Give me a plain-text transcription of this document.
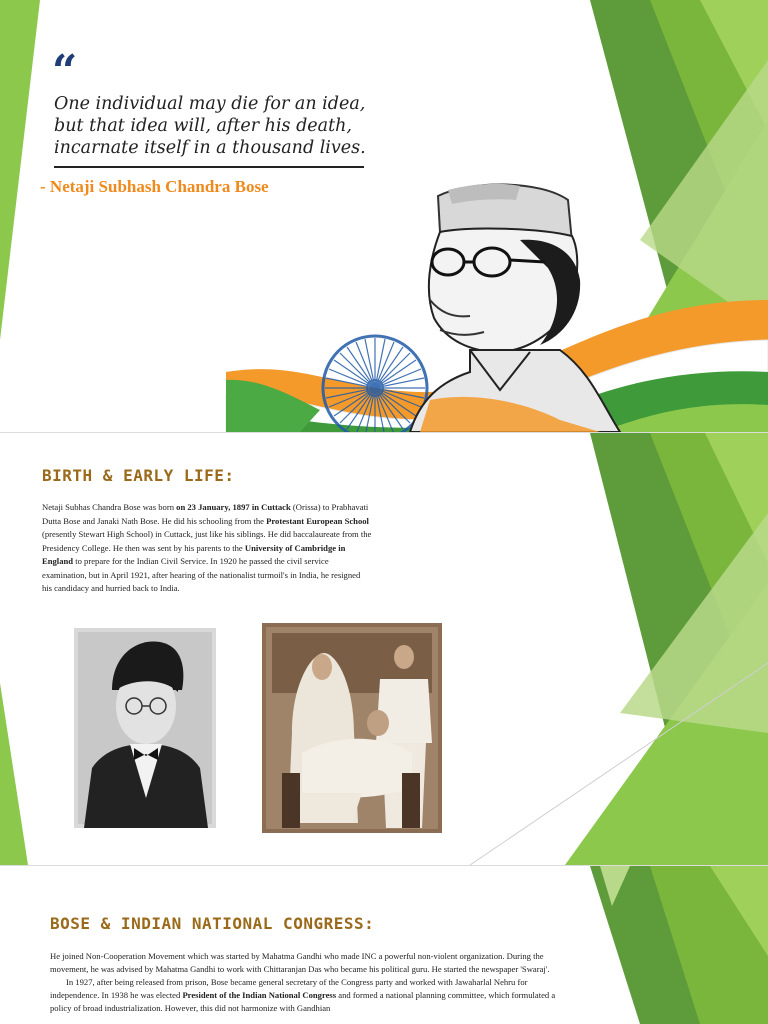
“
One individual may die for an idea,
but that idea will, after his death,
incarnate itself in a thousand lives.
- Netaji Subhash Chandra Bose
BIRTH & EARLY LIFE:
Netaji Subhas Chandra Bose was born on 23 January, 1897 in Cuttack (Orissa) to Prabhavati Dutta Bose and Janaki Nath Bose. He did his schooling from the Protestant European School (presently Stewart High School) in Cuttack, just like his siblings. He did baccalaureate from the Presidency College. He then was sent by his parents to the University of Cambridge in England to prepare for the Indian Civil Service. In 1920 he passed the civil service examination, but in April 1921, after hearing of the nationalist turmoil's in India, he resigned his candidacy and hurried back to India.
BOSE & INDIAN NATIONAL CONGRESS:

He joined Non-Cooperation Movement which was started by Mahatma Gandhi who made INC a powerful non-violent organization. During the movement, he was advised by Mahatma Gandhi to work with Chittaranjan Das who became his political guru. He started the newspaper 'Swaraj'.

In 1927, after being released from prison, Bose became general secretary of the Congress party and worked with Jawaharlal Nehru for independence. In 1938 he was elected President of the Indian National Congress and formed a national planning committee, which formulated a policy of broad industrialization. However, this did not harmonize with Gandhian
